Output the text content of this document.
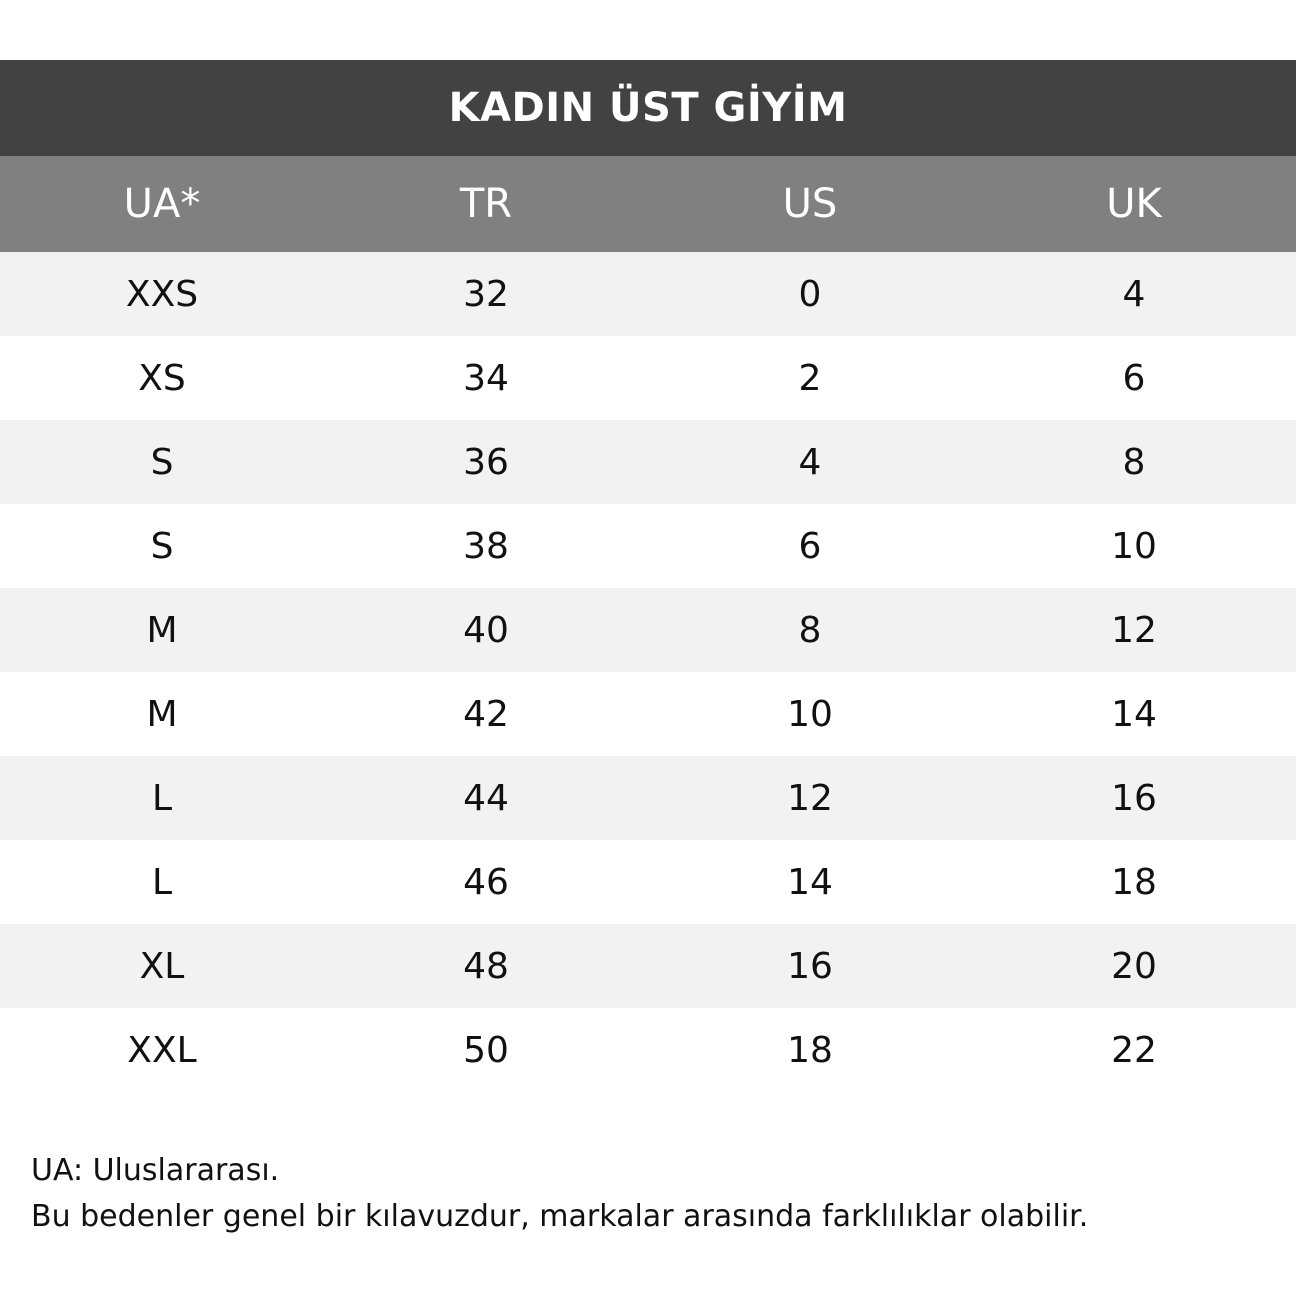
KADIN ÜST GİYİM
UA*	TR	US	UK
XXS	32	0	4
XS	34	2	6
S	36	4	8
S	38	6	10
M	40	8	12
M	42	10	14
L	44	12	16
L	46	14	18
XL	48	16	20
XXL	50	18	22
UA: Uluslararası.
Bu bedenler genel bir kılavuzdur, markalar arasında farklılıklar olabilir.
